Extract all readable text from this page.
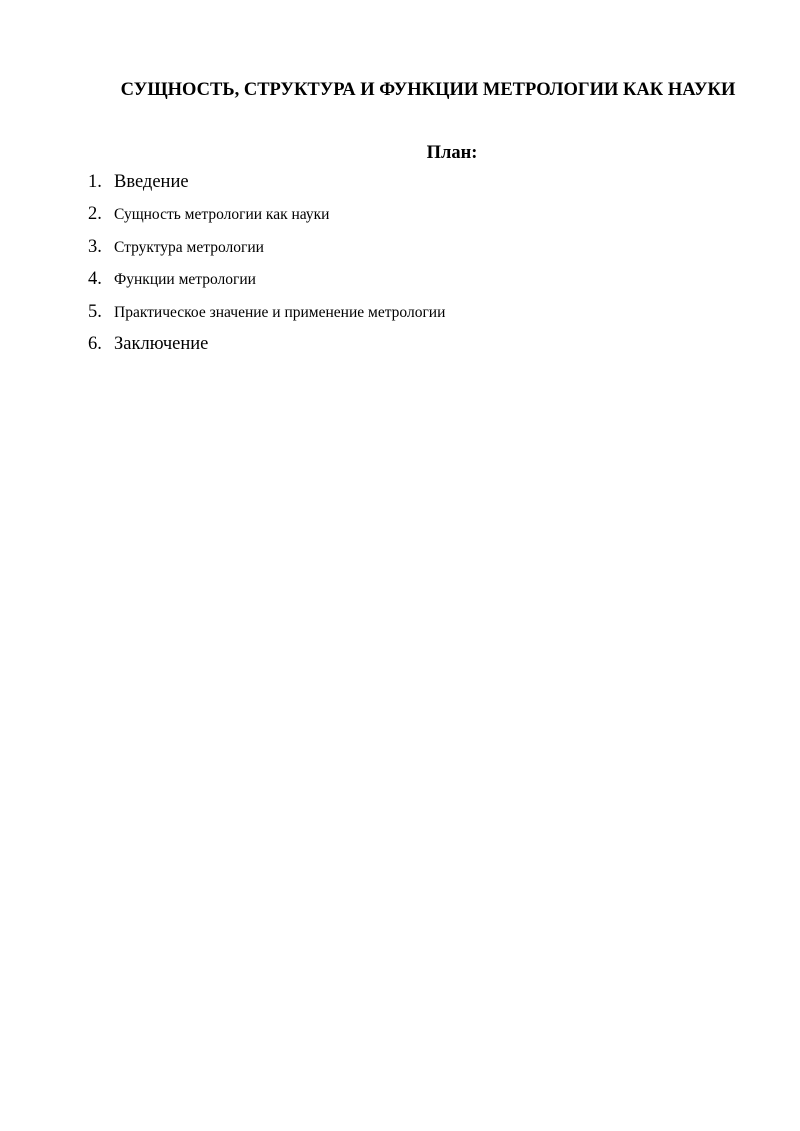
СУЩНОСТЬ, СТРУКТУРА И ФУНКЦИИ МЕТРОЛОГИИ КАК НАУКИ
План:
1. Введение
2. Сущность метрологии как науки
3. Структура метрологии
4. Функции метрологии
5. Практическое значение и применение метрологии
6. Заключение
